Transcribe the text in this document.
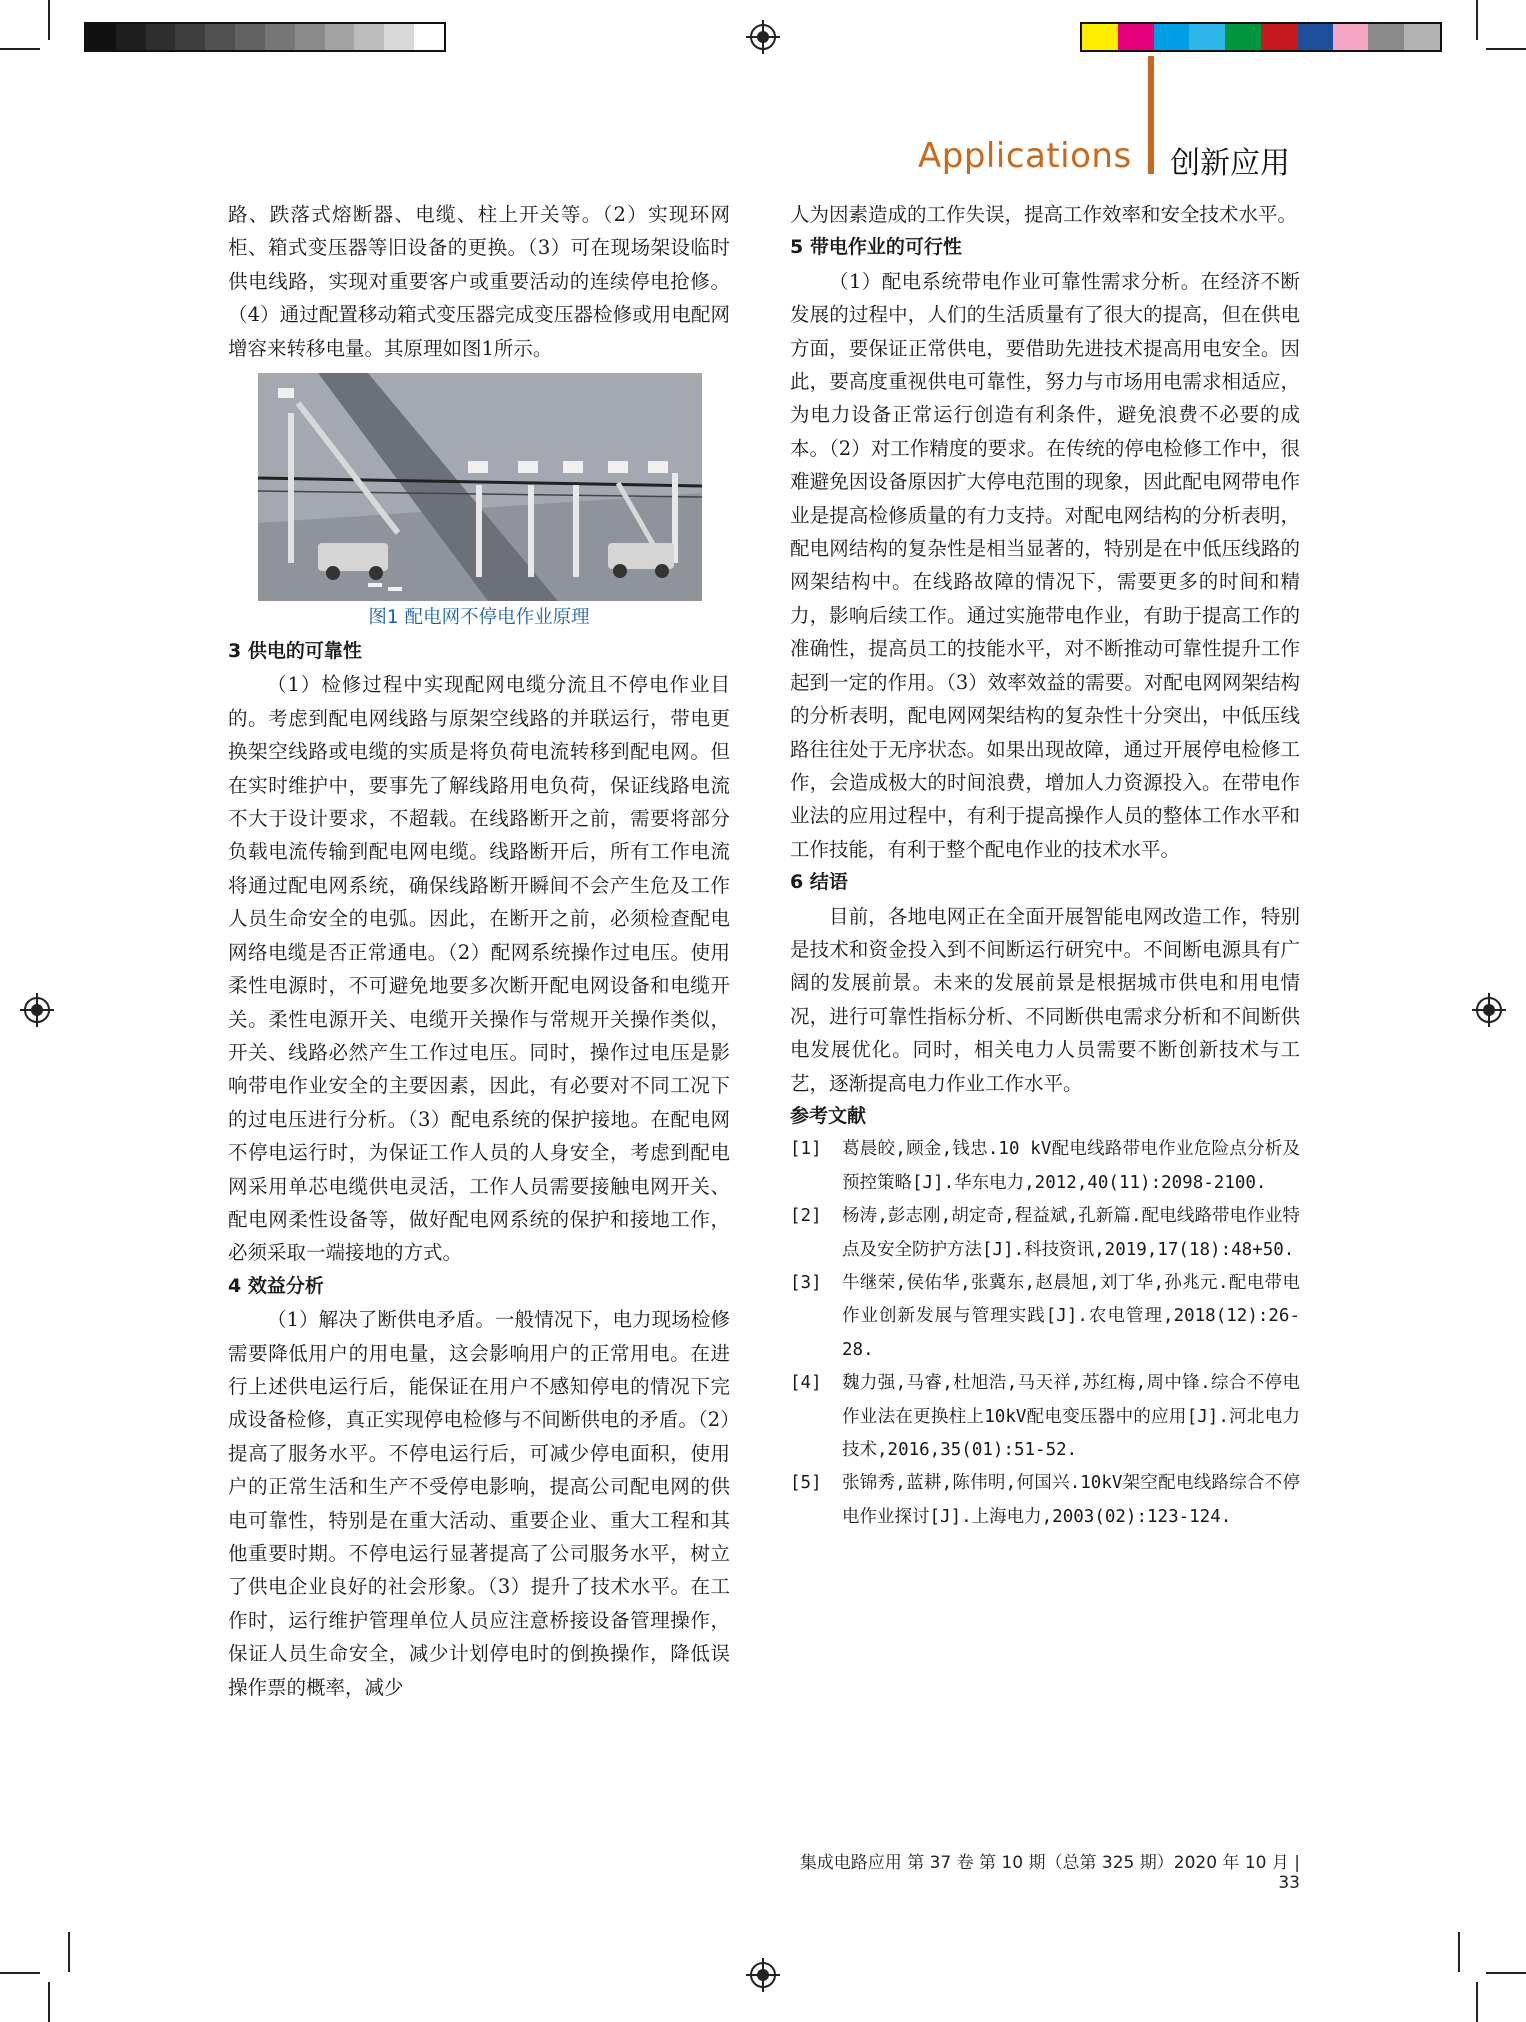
Applications 创新应用

路、跌落式熔断器、电缆、柱上开关等。（2）实现环网柜、箱式变压器等旧设备的更换。（3）可在现场架设临时供电线路，实现对重要客户或重要活动的连续停电抢修。（4）通过配置移动箱式变压器完成变压器检修或用电配网增容来转移电量。其原理如图1所示。

图1 配电网不停电作业原理

3 供电的可靠性

（1）检修过程中实现配网电缆分流且不停电作业目的。考虑到配电网线路与原架空线路的并联运行，带电更换架空线路或电缆的实质是将负荷电流转移到配电网。但在实时维护中，要事先了解线路用电负荷，保证线路电流不大于设计要求，不超载。在线路断开之前，需要将部分负载电流传输到配电网电缆。线路断开后，所有工作电流将通过配电网系统，确保线路断开瞬间不会产生危及工作人员生命安全的电弧。因此，在断开之前，必须检查配电网络电缆是否正常通电。（2）配网系统操作过电压。使用柔性电源时，不可避免地要多次断开配电网设备和电缆开关。柔性电源开关、电缆开关操作与常规开关操作类似，开关、线路必然产生工作过电压。同时，操作过电压是影响带电作业安全的主要因素，因此，有必要对不同工况下的过电压进行分析。（3）配电系统的保护接地。在配电网不停电运行时，为保证工作人员的人身安全，考虑到配电网采用单芯电缆供电灵活，工作人员需要接触电网开关、配电网柔性设备等，做好配电网系统的保护和接地工作，必须采取一端接地的方式。

4 效益分析

（1）解决了断供电矛盾。一般情况下，电力现场检修需要降低用户的用电量，这会影响用户的正常用电。在进行上述供电运行后，能保证在用户不感知停电的情况下完成设备检修，真正实现停电检修与不间断供电的矛盾。（2）提高了服务水平。不停电运行后，可减少停电面积，使用户的正常生活和生产不受停电影响，提高公司配电网的供电可靠性，特别是在重大活动、重要企业、重大工程和其他重要时期。不停电运行显著提高了公司服务水平，树立了供电企业良好的社会形象。（3）提升了技术水平。在工作时，运行维护管理单位人员应注意桥接设备管理操作，保证人员生命安全，减少计划停电时的倒换操作，降低误操作票的概率，减少

人为因素造成的工作失误，提高工作效率和安全技术水平。

5 带电作业的可行性

（1）配电系统带电作业可靠性需求分析。在经济不断发展的过程中，人们的生活质量有了很大的提高，但在供电方面，要保证正常供电，要借助先进技术提高用电安全。因此，要高度重视供电可靠性，努力与市场用电需求相适应，为电力设备正常运行创造有利条件，避免浪费不必要的成本。（2）对工作精度的要求。在传统的停电检修工作中，很难避免因设备原因扩大停电范围的现象，因此配电网带电作业是提高检修质量的有力支持。对配电网结构的分析表明，配电网结构的复杂性是相当显著的，特别是在中低压线路的网架结构中。在线路故障的情况下，需要更多的时间和精力，影响后续工作。通过实施带电作业，有助于提高工作的准确性，提高员工的技能水平，对不断推动可靠性提升工作起到一定的作用。（3）效率效益的需要。对配电网网架结构的分析表明，配电网网架结构的复杂性十分突出，中低压线路往往处于无序状态。如果出现故障，通过开展停电检修工作，会造成极大的时间浪费，增加人力资源投入。在带电作业法的应用过程中，有利于提高操作人员的整体工作水平和工作技能，有利于整个配电作业的技术水平。

6 结语

目前，各地电网正在全面开展智能电网改造工作，特别是技术和资金投入到不间断运行研究中。不间断电源具有广阔的发展前景。未来的发展前景是根据城市供电和用电情况，进行可靠性指标分析、不同断供电需求分析和不间断供电发展优化。同时，相关电力人员需要不断创新技术与工艺，逐渐提高电力作业工作水平。

参考文献
[1]	葛晨皎,顾金,钱忠.10 kV配电线路带电作业危险点分析及预控策略[J].华东电力,2012,40(11):2098-2100.
[2]	杨涛,彭志刚,胡定奇,程益斌,孔新篇.配电线路带电作业特点及安全防护方法[J].科技资讯,2019,17(18):48+50.
[3]	牛继荣,侯佑华,张冀东,赵晨旭,刘丁华,孙兆元.配电带电作业创新发展与管理实践[J].农电管理,2018(12):26-28.
[4]	魏力强,马睿,杜旭浩,马天祥,苏红梅,周中锋.综合不停电作业法在更换柱上10kV配电变压器中的应用[J].河北电力技术,2016,35(01):51-52.
[5]	张锦秀,蓝耕,陈伟明,何国兴.10kV架空配电线路综合不停电作业探讨[J].上海电力,2003(02):123-124.
集成电路应用 第 37 卷 第 10 期（总第 325 期）2020 年 10 月 | 33
